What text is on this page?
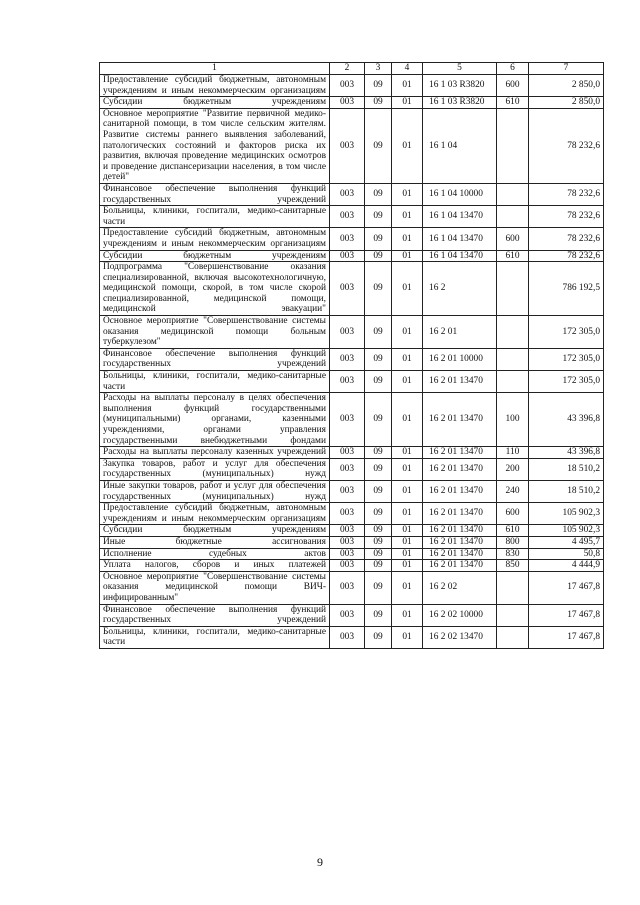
1	2	3	4	5	6	7
Предоставление субсидий бюджетным, автономным учреждениям и иным некоммерческим организациям	003	09	01	16 1 03 R3820	600	2 850,0
Субсидии бюджетным учреждениям	003	09	01	16 1 03 R3820	610	2 850,0
Основное мероприятие "Развитие первичной медико-санитарной помощи, в том числе сельским жителям. Развитие системы раннего выявления заболеваний, патологических состояний и факторов риска их развития, включая проведение медицинских осмотров и проведение диспансеризации населения, в том числе детей"	003	09	01	16 1 04		78 232,6
Финансовое обеспечение выполнения функций государственных учреждений	003	09	01	16 1 04 10000		78 232,6
Больницы, клиники, госпитали, медико-санитарные части	003	09	01	16 1 04 13470		78 232,6
Предоставление субсидий бюджетным, автономным учреждениям и иным некоммерческим организациям	003	09	01	16 1 04 13470	600	78 232,6
Субсидии бюджетным учреждениям	003	09	01	16 1 04 13470	610	78 232,6
Подпрограмма "Совершенствование оказания специализированной, включая высокотехнологичную, медицинской помощи, скорой, в том числе скорой специализированной, медицинской помощи, медицинской эвакуации"	003	09	01	16 2		786 192,5
Основное мероприятие "Совершенствование системы оказания медицинской помощи больным туберкулезом"	003	09	01	16 2 01		172 305,0
Финансовое обеспечение выполнения функций государственных учреждений	003	09	01	16 2 01 10000		172 305,0
Больницы, клиники, госпитали, медико-санитарные части	003	09	01	16 2 01 13470		172 305,0
Расходы на выплаты персоналу в целях обеспечения выполнения функций государственными (муниципальными) органами, казенными учреждениями, органами управления государственными внебюджетными фондами	003	09	01	16 2 01 13470	100	43 396,8
Расходы на выплаты персоналу казенных учреждений	003	09	01	16 2 01 13470	110	43 396,8
Закупка товаров, работ и услуг для обеспечения государственных (муниципальных) нужд	003	09	01	16 2 01 13470	200	18 510,2
Иные закупки товаров, работ и услуг для обеспечения государственных (муниципальных) нужд	003	09	01	16 2 01 13470	240	18 510,2
Предоставление субсидий бюджетным, автономным учреждениям и иным некоммерческим организациям	003	09	01	16 2 01 13470	600	105 902,3
Субсидии бюджетным учреждениям	003	09	01	16 2 01 13470	610	105 902,3
Иные бюджетные ассигнования	003	09	01	16 2 01 13470	800	4 495,7
Исполнение судебных актов	003	09	01	16 2 01 13470	830	50,8
Уплата налогов, сборов и иных платежей	003	09	01	16 2 01 13470	850	4 444,9
Основное мероприятие "Совершенствование системы оказания медицинской помощи ВИЧ-инфицированным"	003	09	01	16 2 02		17 467,8
Финансовое обеспечение выполнения функций государственных учреждений	003	09	01	16 2 02 10000		17 467,8
Больницы, клиники, госпитали, медико-санитарные части	003	09	01	16 2 02 13470		17 467,8
9
